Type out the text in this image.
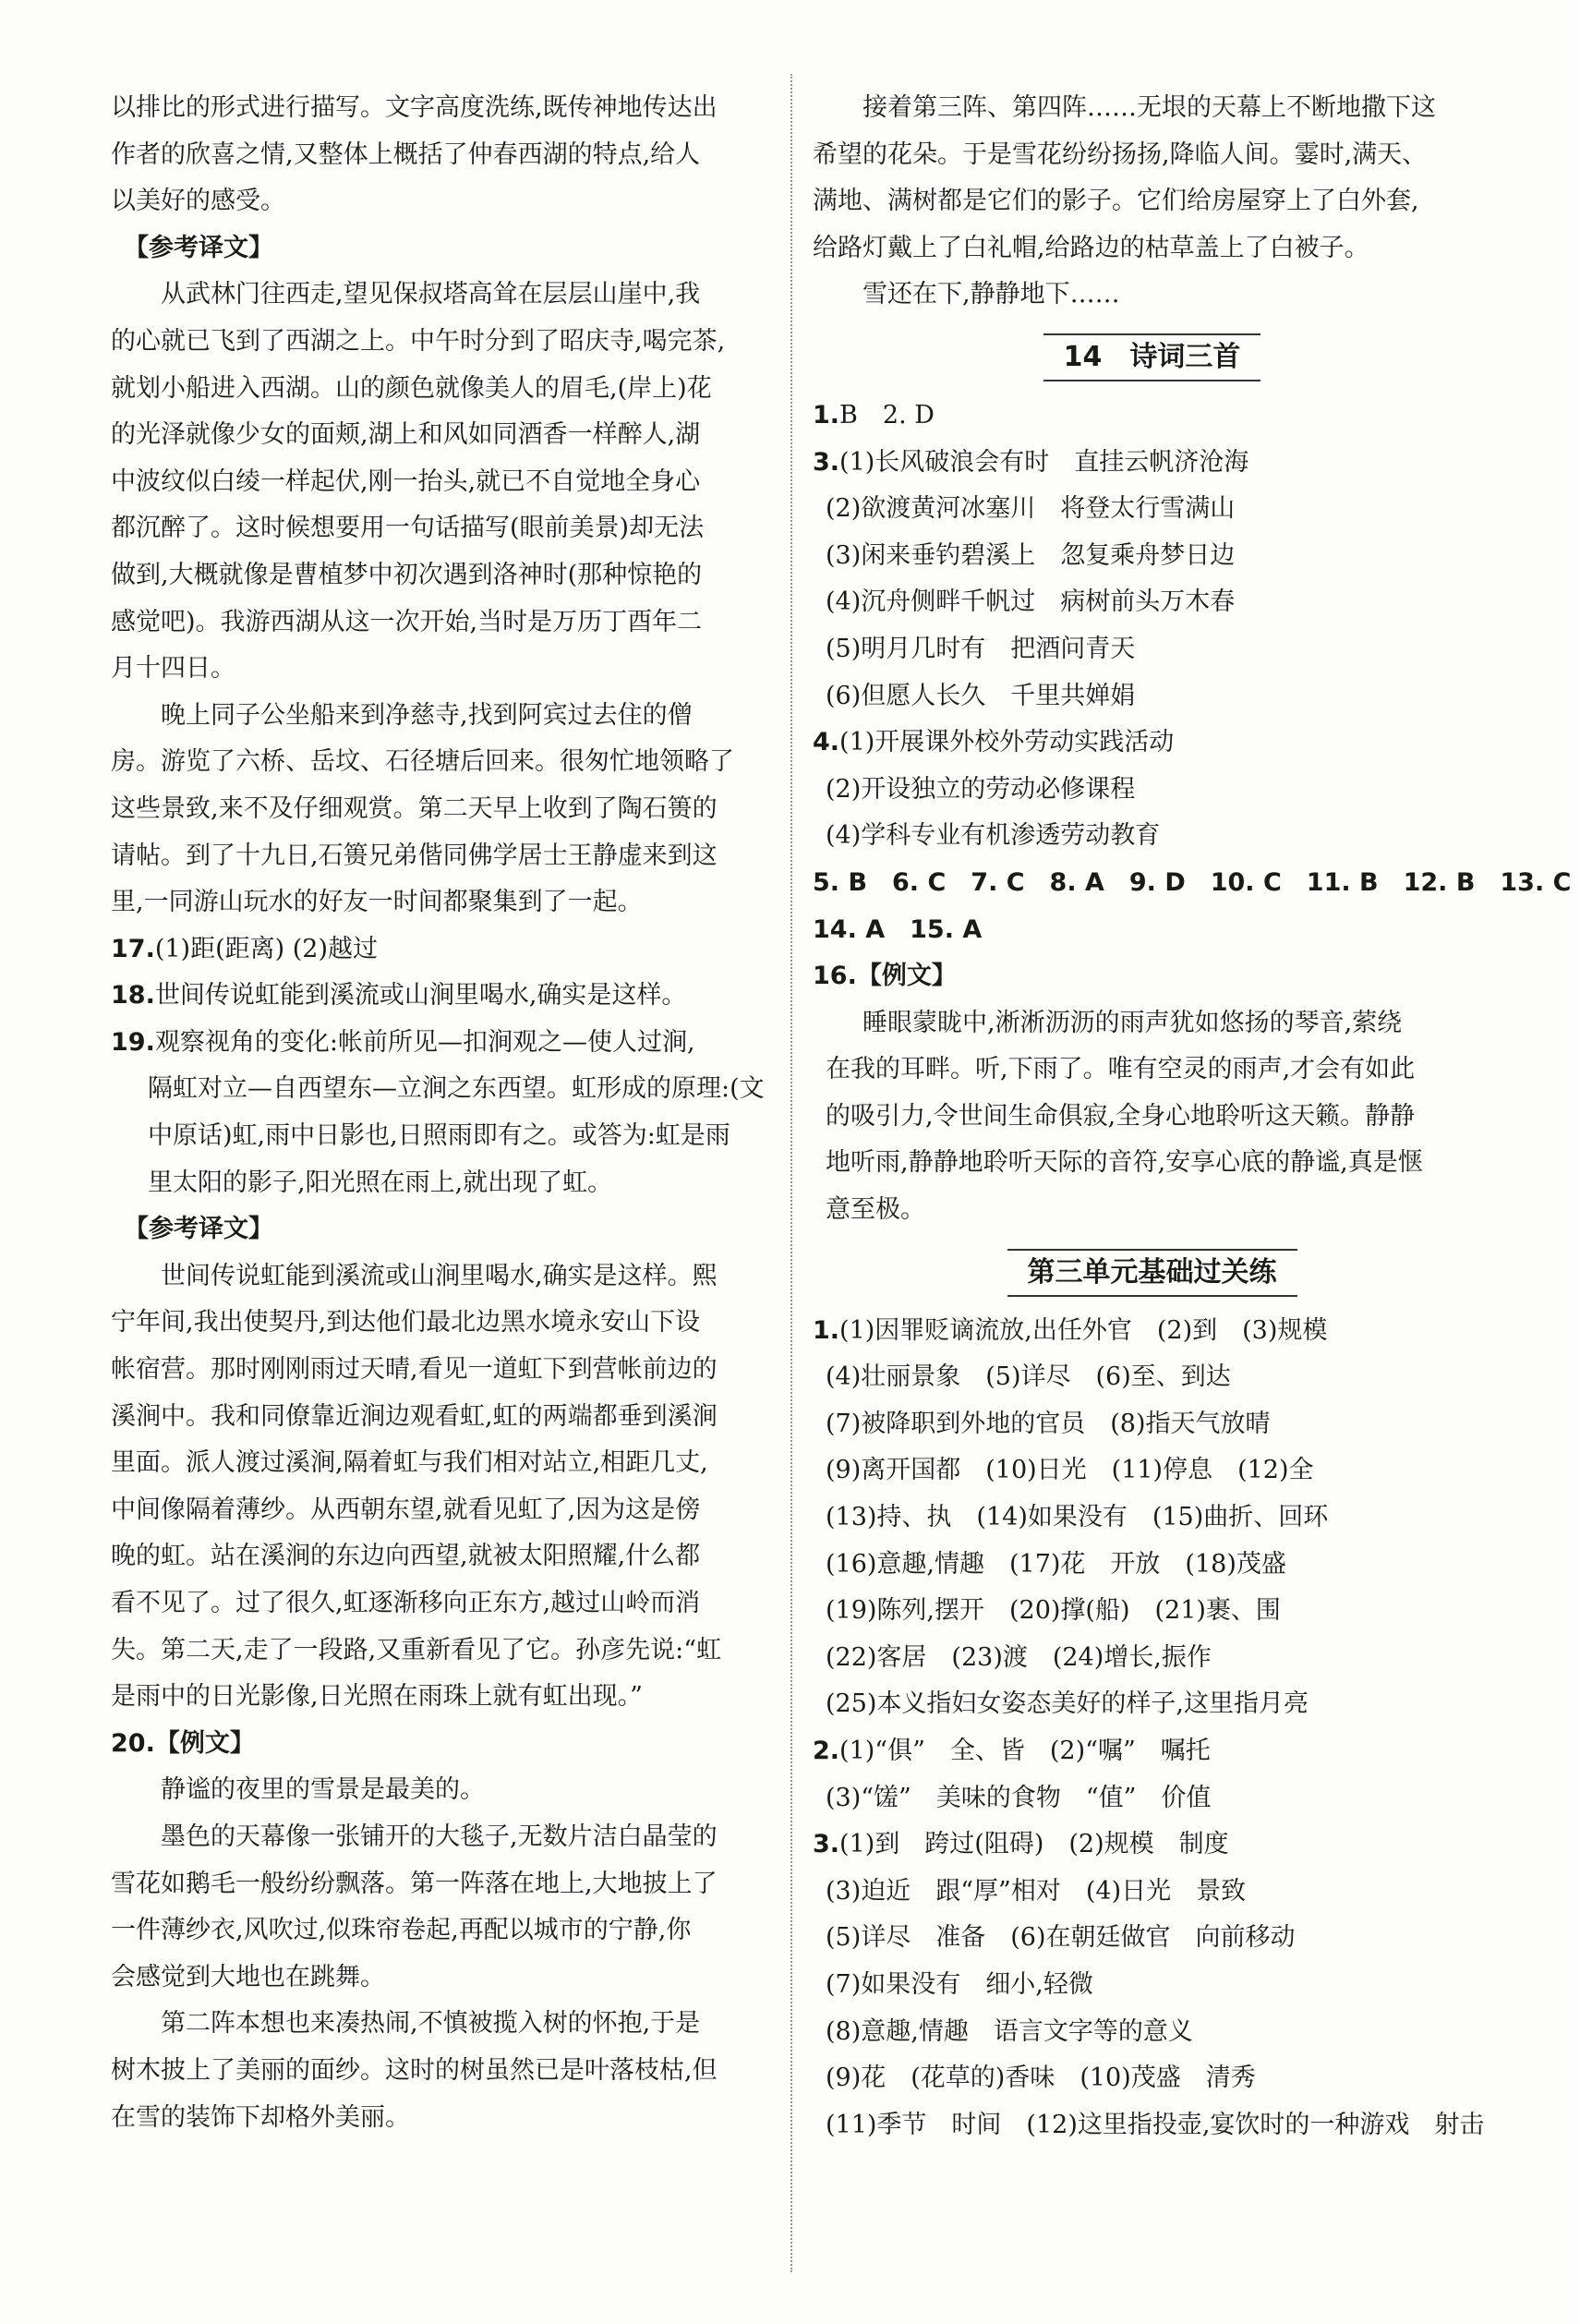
以排比的形式进行描写。文字高度洗练,既传神地传达出
作者的欣喜之情,又整体上概括了仲春西湖的特点,给人
以美好的感受。
【参考译文】
从武林门往西走,望见保叔塔高耸在层层山崖中,我
的心就已飞到了西湖之上。中午时分到了昭庆寺,喝完茶,
就划小船进入西湖。山的颜色就像美人的眉毛,(岸上)花
的光泽就像少女的面颊,湖上和风如同酒香一样醉人,湖
中波纹似白绫一样起伏,刚一抬头,就已不自觉地全身心
都沉醉了。这时候想要用一句话描写(眼前美景)却无法
做到,大概就像是曹植梦中初次遇到洛神时(那种惊艳的
感觉吧)。我游西湖从这一次开始,当时是万历丁酉年二
月十四日。
晚上同子公坐船来到净慈寺,找到阿宾过去住的僧
房。游览了六桥、岳坟、石径塘后回来。很匆忙地领略了
这些景致,来不及仔细观赏。第二天早上收到了陶石篑的
请帖。到了十九日,石篑兄弟偕同佛学居士王静虚来到这
里,一同游山玩水的好友一时间都聚集到了一起。
17.(1)距(距离) (2)越过
18.世间传说虹能到溪流或山涧里喝水,确实是这样。
19.观察视角的变化:帐前所见—扣涧观之—使人过涧,
隔虹对立—自西望东—立涧之东西望。虹形成的原理:(文
中原话)虹,雨中日影也,日照雨即有之。或答为:虹是雨
里太阳的影子,阳光照在雨上,就出现了虹。
【参考译文】
世间传说虹能到溪流或山涧里喝水,确实是这样。熙
宁年间,我出使契丹,到达他们最北边黑水境永安山下设
帐宿营。那时刚刚雨过天晴,看见一道虹下到营帐前边的
溪涧中。我和同僚靠近涧边观看虹,虹的两端都垂到溪涧
里面。派人渡过溪涧,隔着虹与我们相对站立,相距几丈,
中间像隔着薄纱。从西朝东望,就看见虹了,因为这是傍
晚的虹。站在溪涧的东边向西望,就被太阳照耀,什么都
看不见了。过了很久,虹逐渐移向正东方,越过山岭而消
失。第二天,走了一段路,又重新看见了它。孙彦先说:“虹
是雨中的日光影像,日光照在雨珠上就有虹出现。”
20.【例文】
静谧的夜里的雪景是最美的。
墨色的天幕像一张铺开的大毯子,无数片洁白晶莹的
雪花如鹅毛一般纷纷飘落。第一阵落在地上,大地披上了
一件薄纱衣,风吹过,似珠帘卷起,再配以城市的宁静,你
会感觉到大地也在跳舞。
第二阵本想也来凑热闹,不慎被揽入树的怀抱,于是
树木披上了美丽的面纱。这时的树虽然已是叶落枝枯,但
在雪的装饰下却格外美丽。
接着第三阵、第四阵……无垠的天幕上不断地撒下这
希望的花朵。于是雪花纷纷扬扬,降临人间。霎时,满天、
满地、满树都是它们的影子。它们给房屋穿上了白外套,
给路灯戴上了白礼帽,给路边的枯草盖上了白被子。
雪还在下,静静地下……
14　诗词三首
1.B　2. D
3.(1)长风破浪会有时　直挂云帆济沧海
(2)欲渡黄河冰塞川　将登太行雪满山
(3)闲来垂钓碧溪上　忽复乘舟梦日边
(4)沉舟侧畔千帆过　病树前头万木春
(5)明月几时有　把酒问青天
(6)但愿人长久　千里共婵娟
4.(1)开展课外校外劳动实践活动
(2)开设独立的劳动必修课程
(4)学科专业有机渗透劳动教育
5. B　6. C　7. C　8. A　9. D　10. C　11. B　12. B　13. C
14. A　15. A
16.【例文】
睡眼蒙眬中,淅淅沥沥的雨声犹如悠扬的琴音,萦绕
在我的耳畔。听,下雨了。唯有空灵的雨声,才会有如此
的吸引力,令世间生命俱寂,全身心地聆听这天籁。静静
地听雨,静静地聆听天际的音符,安享心底的静谧,真是惬
意至极。
第三单元基础过关练
1.(1)因罪贬谪流放,出任外官　(2)到　(3)规模
(4)壮丽景象　(5)详尽　(6)至、到达
(7)被降职到外地的官员　(8)指天气放晴
(9)离开国都　(10)日光　(11)停息　(12)全
(13)持、执　(14)如果没有　(15)曲折、回环
(16)意趣,情趣　(17)花　开放　(18)茂盛
(19)陈列,摆开　(20)撑(船)　(21)裹、围
(22)客居　(23)渡　(24)增长,振作
(25)本义指妇女姿态美好的样子,这里指月亮
2.(1)“俱”　全、皆　(2)“嘱”　嘱托
(3)“馐”　美味的食物　“值”　价值
3.(1)到　跨过(阻碍)　(2)规模　制度
(3)迫近　跟“厚”相对　(4)日光　景致
(5)详尽　准备　(6)在朝廷做官　向前移动
(7)如果没有　细小,轻微
(8)意趣,情趣　语言文字等的意义
(9)花　(花草的)香味　(10)茂盛　清秀
(11)季节　时间　(12)这里指投壶,宴饮时的一种游戏　射击
